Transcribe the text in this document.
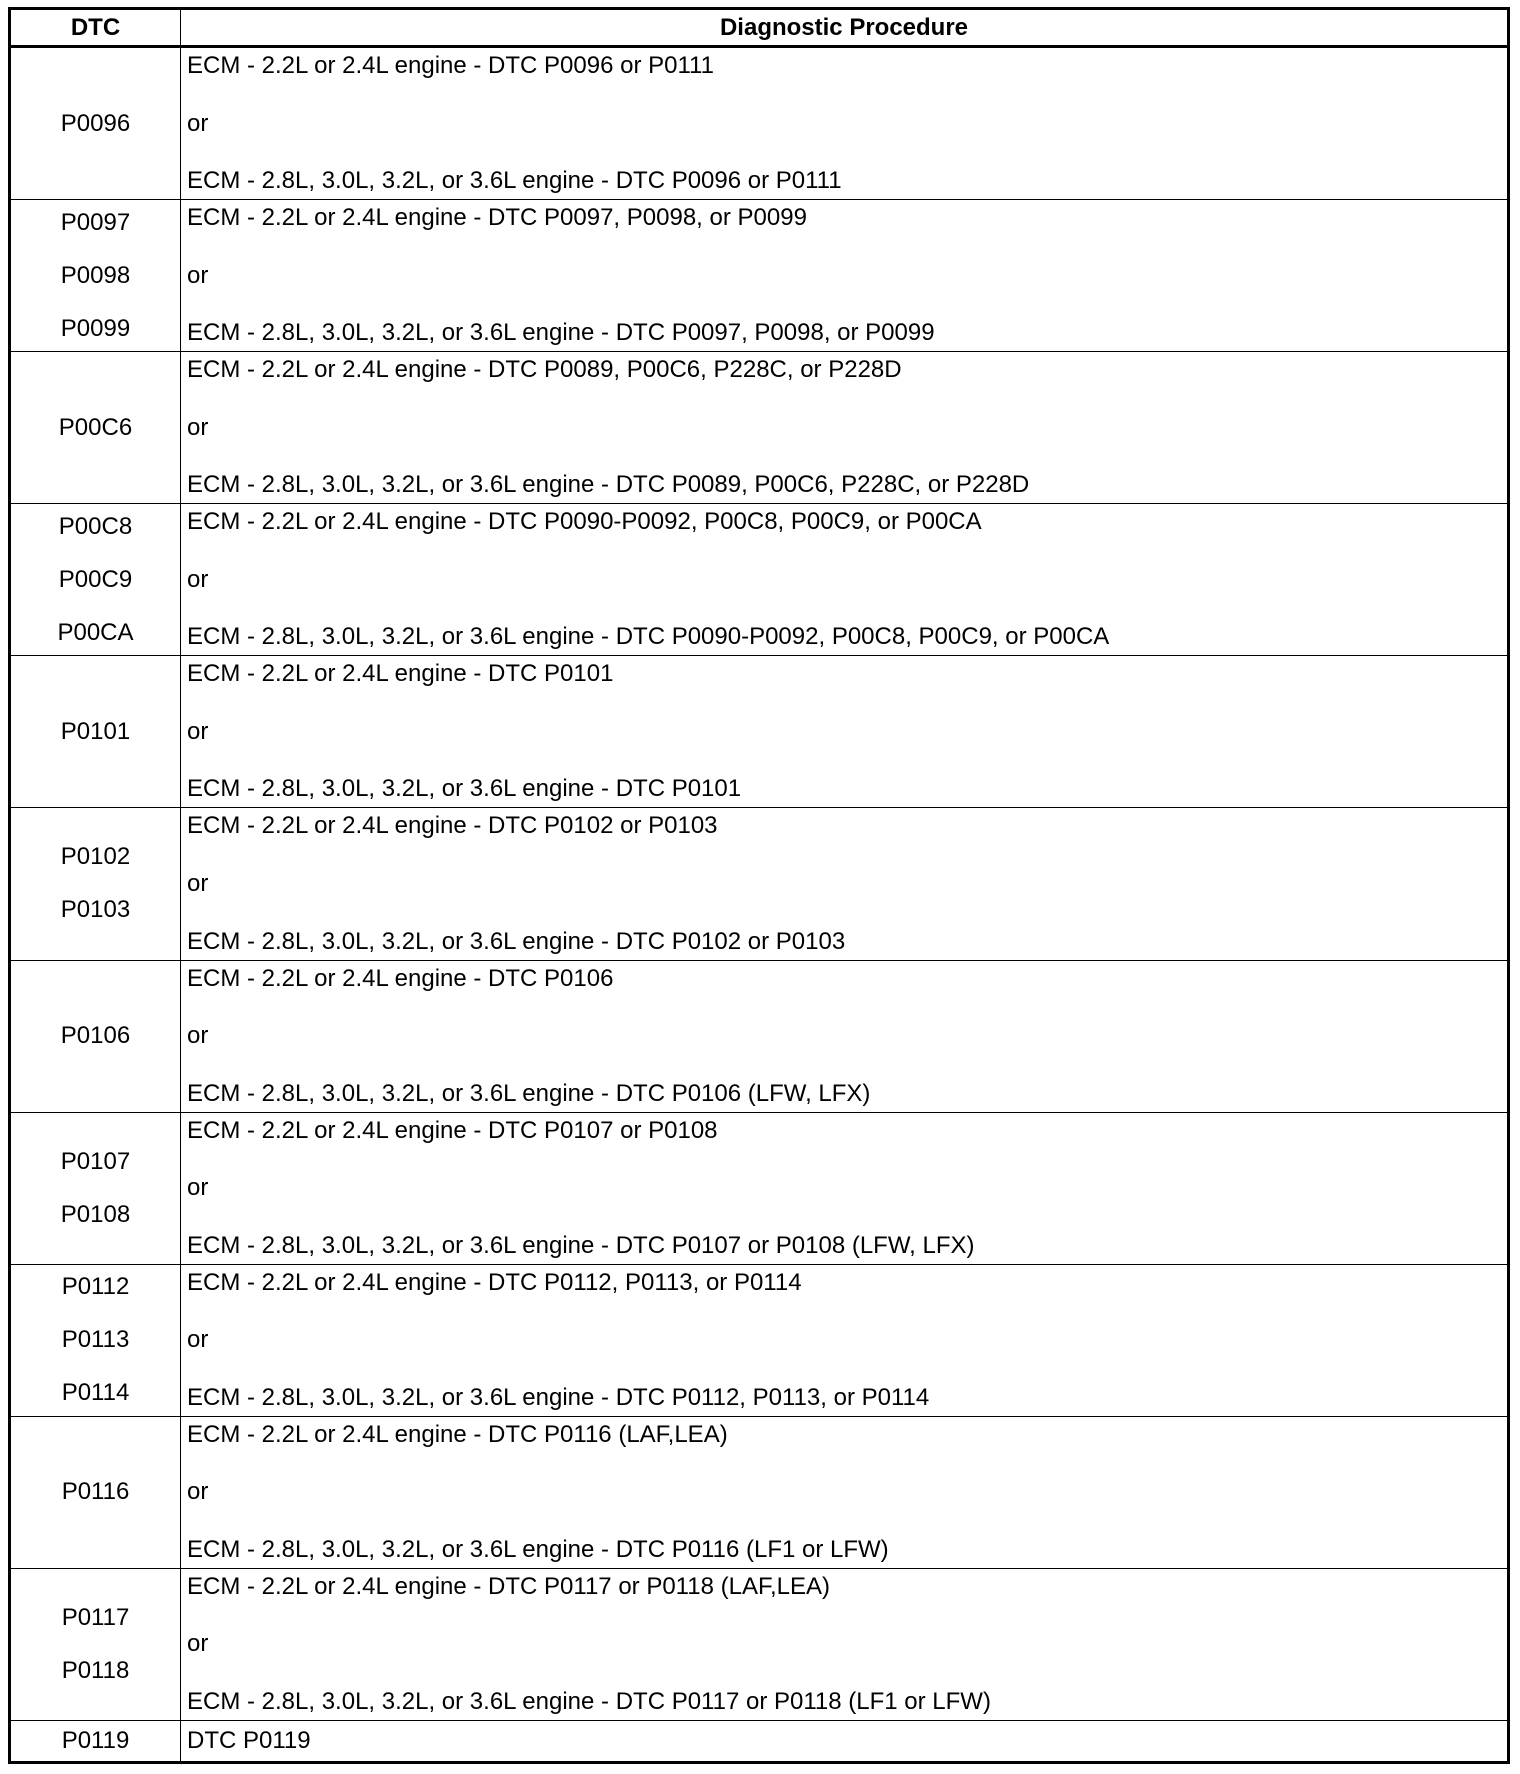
DTC	Diagnostic Procedure
P0096
ECM - 2.2L or 2.4L engine - DTC P0096 or P0111
or
ECM - 2.8L, 3.0L, 3.2L, or 3.6L engine - DTC P0096 or P0111
P0097
P0098
P0099
ECM - 2.2L or 2.4L engine - DTC P0097, P0098, or P0099
or
ECM - 2.8L, 3.0L, 3.2L, or 3.6L engine - DTC P0097, P0098, or P0099
P00C6
ECM - 2.2L or 2.4L engine - DTC P0089, P00C6, P228C, or P228D
or
ECM - 2.8L, 3.0L, 3.2L, or 3.6L engine - DTC P0089, P00C6, P228C, or P228D
P00C8
P00C9
P00CA
ECM - 2.2L or 2.4L engine - DTC P0090-P0092, P00C8, P00C9, or P00CA
or
ECM - 2.8L, 3.0L, 3.2L, or 3.6L engine - DTC P0090-P0092, P00C8, P00C9, or P00CA
P0101
ECM - 2.2L or 2.4L engine - DTC P0101
or
ECM - 2.8L, 3.0L, 3.2L, or 3.6L engine - DTC P0101
P0102
P0103
ECM - 2.2L or 2.4L engine - DTC P0102 or P0103
or
ECM - 2.8L, 3.0L, 3.2L, or 3.6L engine - DTC P0102 or P0103
P0106
ECM - 2.2L or 2.4L engine - DTC P0106
or
ECM - 2.8L, 3.0L, 3.2L, or 3.6L engine - DTC P0106 (LFW, LFX)
P0107
P0108
ECM - 2.2L or 2.4L engine - DTC P0107 or P0108
or
ECM - 2.8L, 3.0L, 3.2L, or 3.6L engine - DTC P0107 or P0108 (LFW, LFX)
P0112
P0113
P0114
ECM - 2.2L or 2.4L engine - DTC P0112, P0113, or P0114
or
ECM - 2.8L, 3.0L, 3.2L, or 3.6L engine - DTC P0112, P0113, or P0114
P0116
ECM - 2.2L or 2.4L engine - DTC P0116 (LAF,LEA)
or
ECM - 2.8L, 3.0L, 3.2L, or 3.6L engine - DTC P0116 (LF1 or LFW)
P0117
P0118
ECM - 2.2L or 2.4L engine - DTC P0117 or P0118 (LAF,LEA)
or
ECM - 2.8L, 3.0L, 3.2L, or 3.6L engine - DTC P0117 or P0118 (LF1 or LFW)
P0119 DTC P0119
